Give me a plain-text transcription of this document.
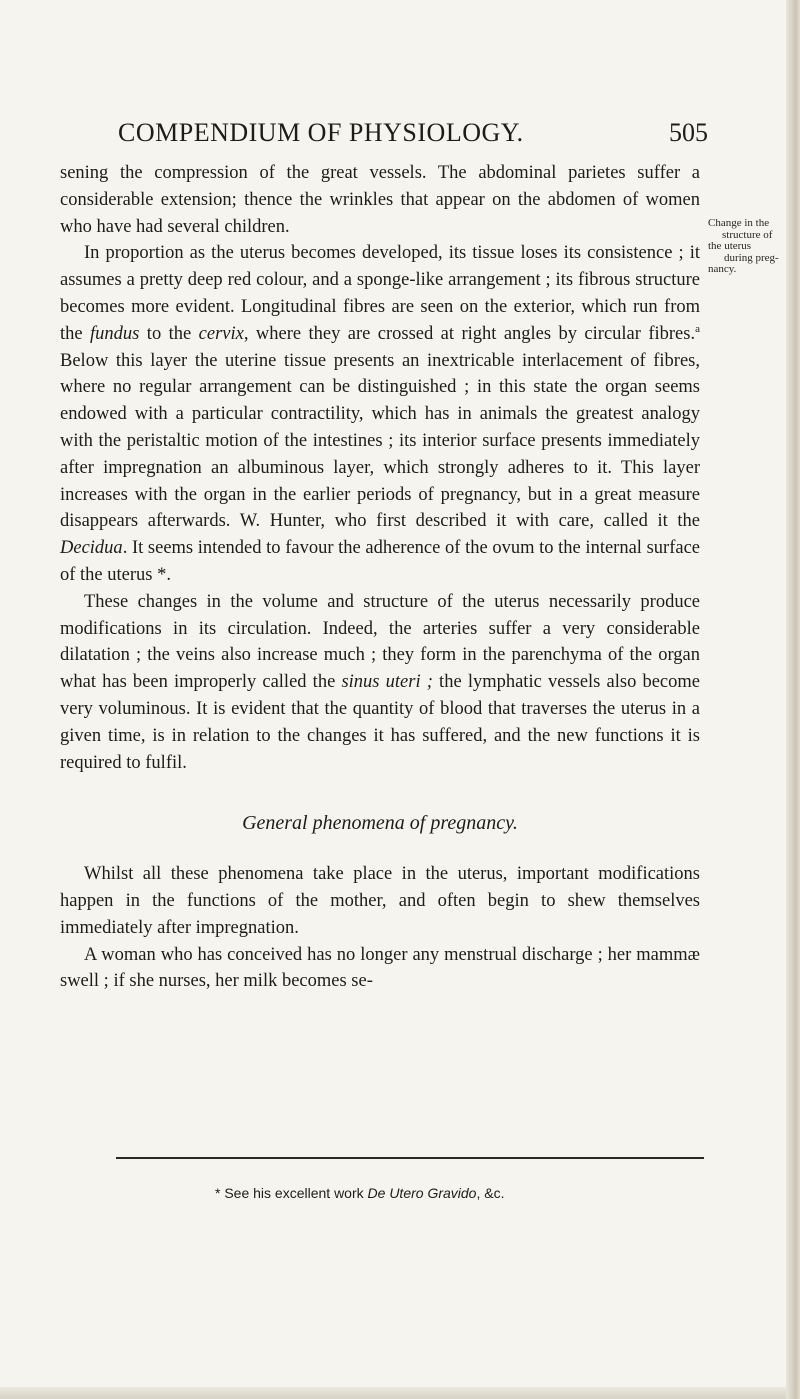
COMPENDIUM OF PHYSIOLOGY.	505
Change in the
structure of
the uterus
during preg-
nancy.

sening the compression of the great vessels. The abdominal parietes suffer a considerable extension; thence the wrinkles that appear on the abdomen of women who have had several children.

In proportion as the uterus becomes developed, its tissue loses its consistence ; it assumes a pretty deep red colour, and a sponge-like arrangement ; its fibrous structure becomes more evident. Longitudinal fibres are seen on the exterior, which run from the fundus to the cervix, where they are crossed at right angles by circular fibres.$^a$ Below this layer the uterine tissue presents an inextricable interlacement of fibres, where no regular arrangement can be distinguished ; in this state the organ seems endowed with a particular contractility, which has in animals the greatest analogy with the peristaltic motion of the intestines ; its interior surface presents immediately after impregnation an albuminous layer, which strongly adheres to it. This layer increases with the organ in the earlier periods of pregnancy, but in a great measure disappears afterwards. W. Hunter, who first described it with care, called it the Decidua. It seems intended to favour the adherence of the ovum to the internal surface of the uterus *.

These changes in the volume and structure of the uterus necessarily produce modifications in its circulation. Indeed, the arteries suffer a very considerable dilatation ; the veins also increase much ; they form in the parenchyma of the organ what has been improperly called the sinus uteri ; the lymphatic vessels also become very voluminous. It is evident that the quantity of blood that traverses the uterus in a given time, is in relation to the changes it has suffered, and the new functions it is required to fulfil.

General phenomena of pregnancy.

Whilst all these phenomena take place in the uterus, important modifications happen in the functions of the mother, and often begin to shew themselves immediately after impregnation.

A woman who has conceived has no longer any menstrual discharge ; her mammæ swell ; if she nurses, her milk becomes se-

* See his excellent work De Utero Gravido, &c.
